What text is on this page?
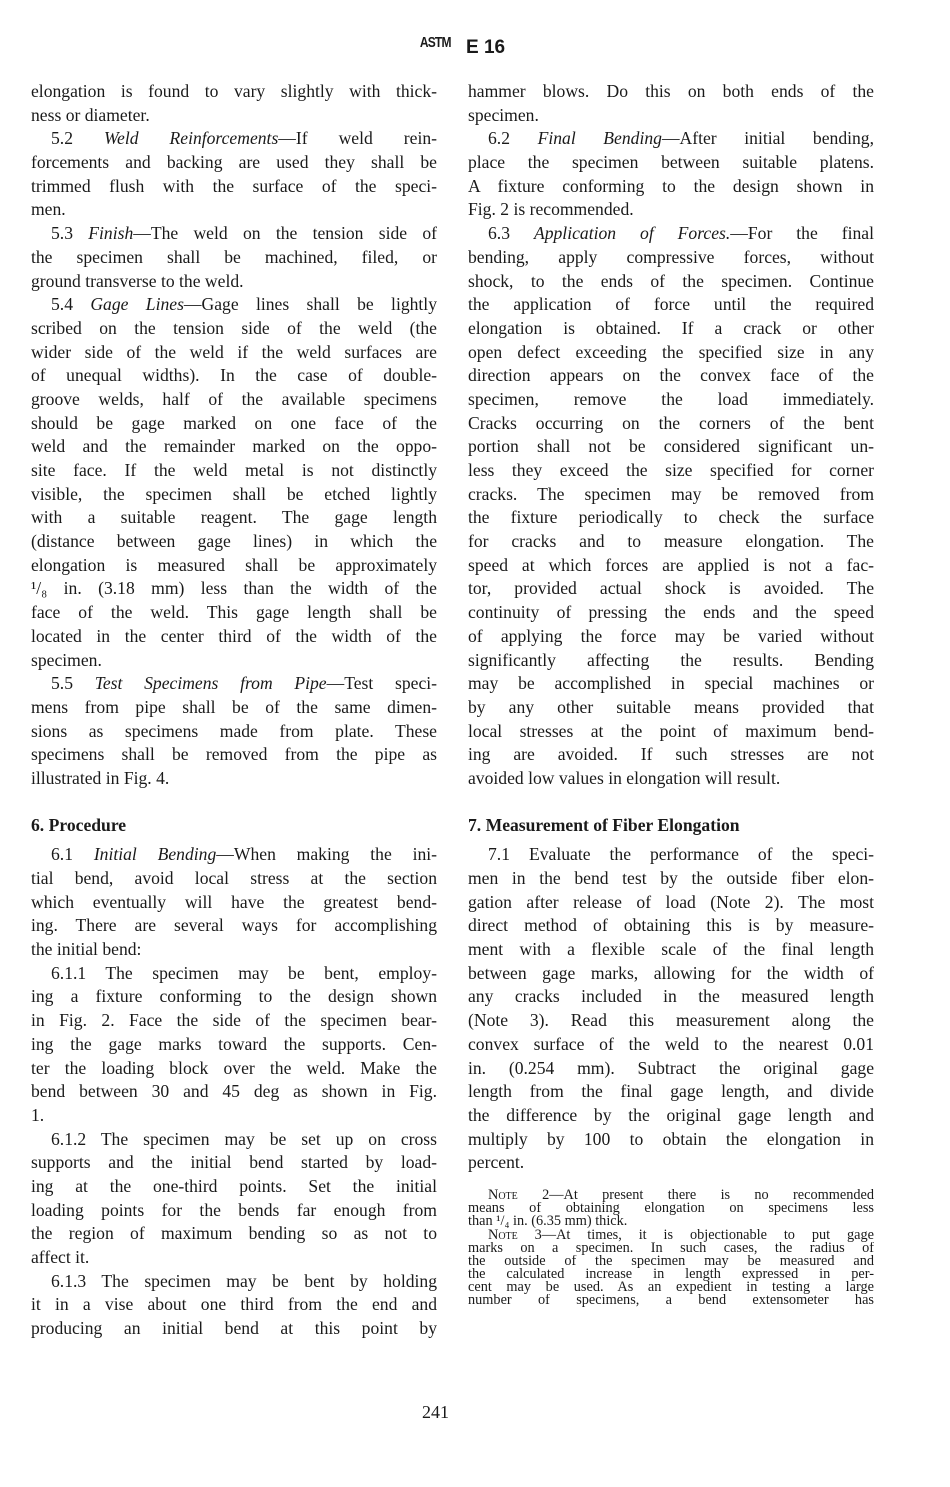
ASTM E 16
elongation is found to vary slightly with thick-
ness or diameter.
5.2 Weld Reinforcements—If weld rein-
forcements and backing are used they shall be
trimmed flush with the surface of the speci-
men.
5.3 Finish—The weld on the tension side of
the specimen shall be machined, filed, or
ground transverse to the weld.
5.4 Gage Lines—Gage lines shall be lightly
scribed on the tension side of the weld (the
wider side of the weld if the weld surfaces are
of unequal widths). In the case of double-
groove welds, half of the available specimens
should be gage marked on one face of the
weld and the remainder marked on the oppo-
site face. If the weld metal is not distinctly
visible, the specimen shall be etched lightly
with a suitable reagent. The gage length
(distance between gage lines) in which the
elongation is measured shall be approximately
¹/₈ in. (3.18 mm) less than the width of the
face of the weld. This gage length shall be
located in the center third of the width of the
specimen.
5.5 Test Specimens from Pipe—Test speci-
mens from pipe shall be of the same dimen-
sions as specimens made from plate. These
specimens shall be removed from the pipe as
illustrated in Fig. 4.
6. Procedure
6.1 Initial Bending—When making the ini-
tial bend, avoid local stress at the section
which eventually will have the greatest bend-
ing. There are several ways for accomplishing
the initial bend:
6.1.1 The specimen may be bent, employ-
ing a fixture conforming to the design shown
in Fig. 2. Face the side of the specimen bear-
ing the gage marks toward the supports. Cen-
ter the loading block over the weld. Make the
bend between 30 and 45 deg as shown in Fig.
1.
6.1.2 The specimen may be set up on cross
supports and the initial bend started by load-
ing at the one-third points. Set the initial
loading points for the bends far enough from
the region of maximum bending so as not to
affect it.
6.1.3 The specimen may be bent by holding
it in a vise about one third from the end and
producing an initial bend at this point by
hammer blows. Do this on both ends of the
specimen.
6.2 Final Bending—After initial bending,
place the specimen between suitable platens.
A fixture conforming to the design shown in
Fig. 2 is recommended.
6.3 Application of Forces.—For the final
bending, apply compressive forces, without
shock, to the ends of the specimen. Continue
the application of force until the required
elongation is obtained. If a crack or other
open defect exceeding the specified size in any
direction appears on the convex face of the
specimen, remove the load immediately.
Cracks occurring on the corners of the bent
portion shall not be considered significant un-
less they exceed the size specified for corner
cracks. The specimen may be removed from
the fixture periodically to check the surface
for cracks and to measure elongation. The
speed at which forces are applied is not a fac-
tor, provided actual shock is avoided. The
continuity of pressing the ends and the speed
of applying the force may be varied without
significantly affecting the results. Bending
may be accomplished in special machines or
by any other suitable means provided that
local stresses at the point of maximum bend-
ing are avoided. If such stresses are not
avoided low values in elongation will result.
7. Measurement of Fiber Elongation
7.1 Evaluate the performance of the speci-
men in the bend test by the outside fiber elon-
gation after release of load (Note 2). The most
direct method of obtaining this is by measure-
ment with a flexible scale of the final length
between gage marks, allowing for the width of
any cracks included in the measured length
(Note 3). Read this measurement along the
convex surface of the weld to the nearest 0.01
in. (0.254 mm). Subtract the original gage
length from the final gage length, and divide
the difference by the original gage length and
multiply by 100 to obtain the elongation in
percent.
Note 2—At present there is no recommended
means of obtaining elongation on specimens less
than ¹/₄ in. (6.35 mm) thick.
Note 3—At times, it is objectionable to put gage
marks on a specimen. In such cases, the radius of
the outside of the specimen may be measured and
the calculated increase in length expressed in per-
cent may be used. As an expedient in testing a large
number of specimens, a bend extensometer has
241
